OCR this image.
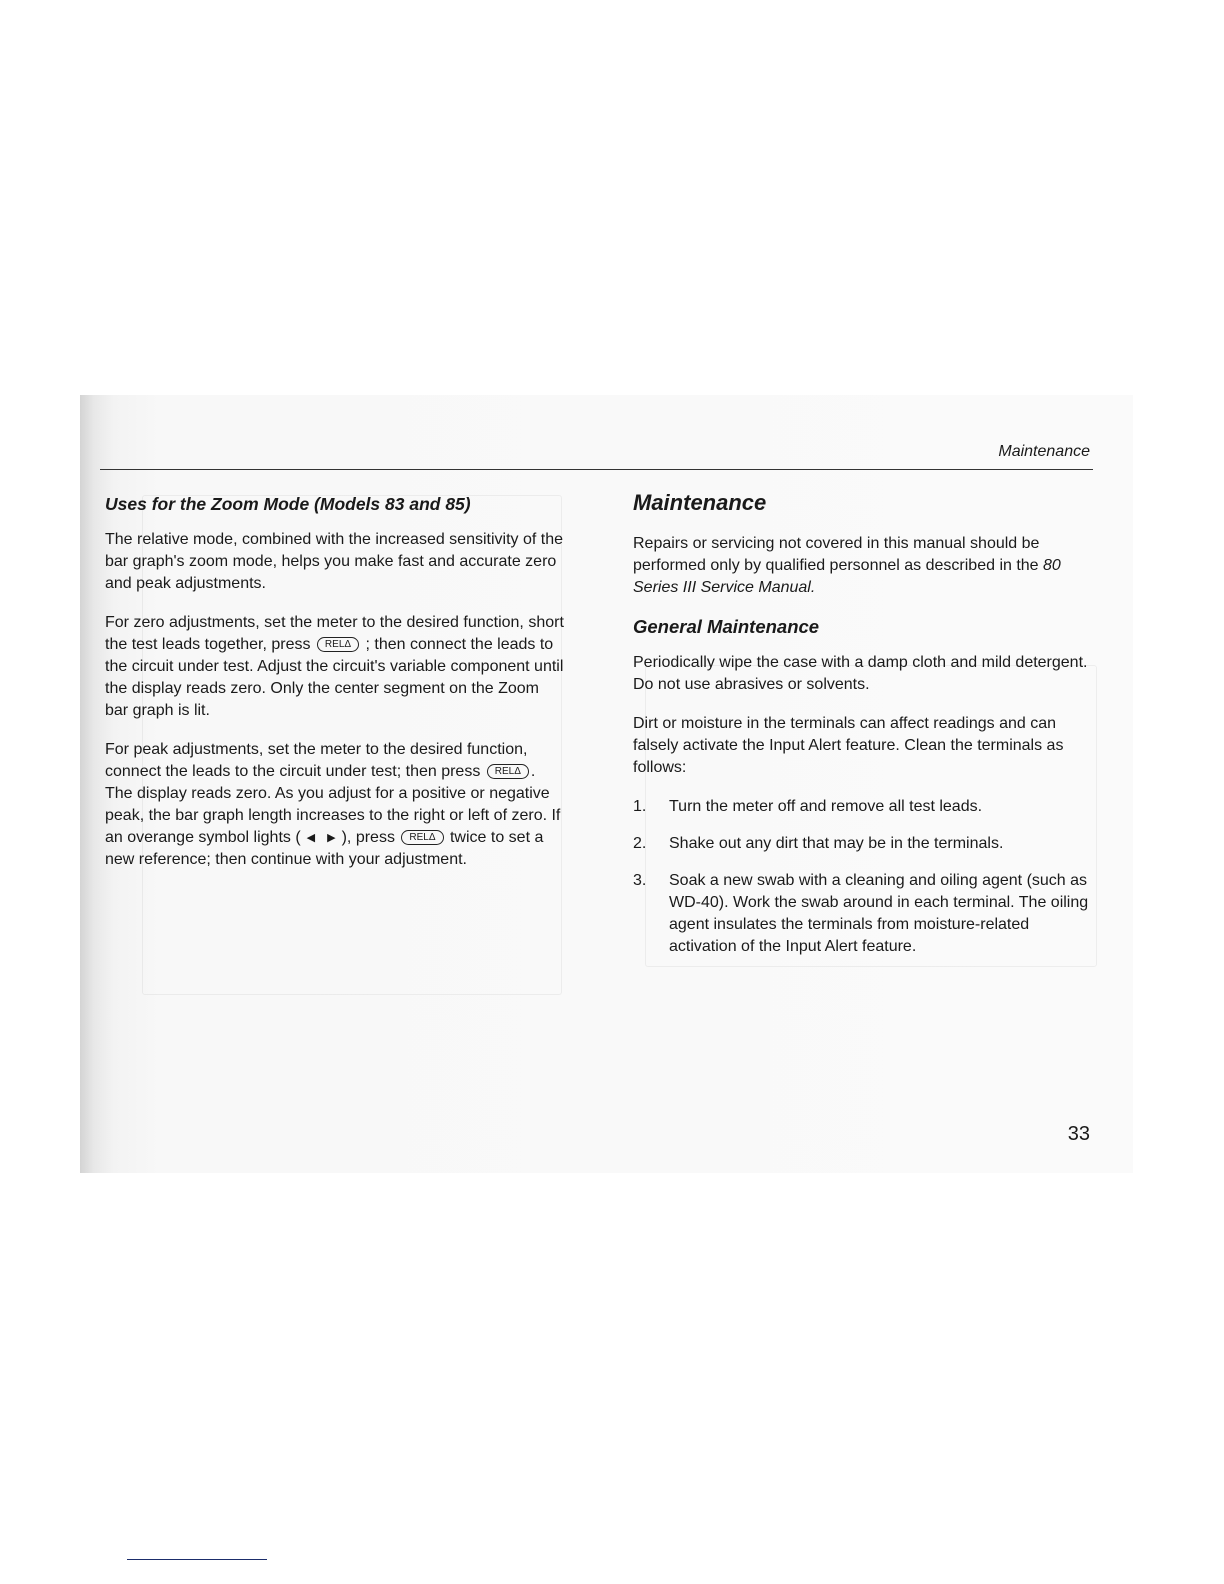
Maintenance
Uses for the Zoom Mode (Models 83 and 85)

The relative mode, combined with the increased sensitivity of the bar graph's zoom mode, helps you make fast and accurate zero and peak adjustments.

For zero adjustments, set the meter to the desired function, short the test leads together, press RELΔ ; then connect the leads to the circuit under test. Adjust the circuit's variable component until the display reads zero. Only the center segment on the Zoom bar graph is lit.

For peak adjustments, set the meter to the desired function, connect the leads to the circuit under test; then press RELΔ . The display reads zero. As you adjust for a positive or negative peak, the bar graph length increases to the right or left of zero. If an overange symbol lights ( ◀ ▶ ), press RELΔ twice to set a new reference; then continue with your adjustment.

Maintenance

Repairs or servicing not covered in this manual should be performed only by qualified personnel as described in the 80 Series III Service Manual.

General Maintenance

Periodically wipe the case with a damp cloth and mild detergent. Do not use abrasives or solvents.

Dirt or moisture in the terminals can affect readings and can falsely activate the Input Alert feature. Clean the terminals as follows:

1. Turn the meter off and remove all test leads.
2. Shake out any dirt that may be in the terminals.
3. Soak a new swab with a cleaning and oiling agent (such as WD-40). Work the swab around in each terminal. The oiling agent insulates the terminals from moisture-related activation of the Input Alert feature.
33
